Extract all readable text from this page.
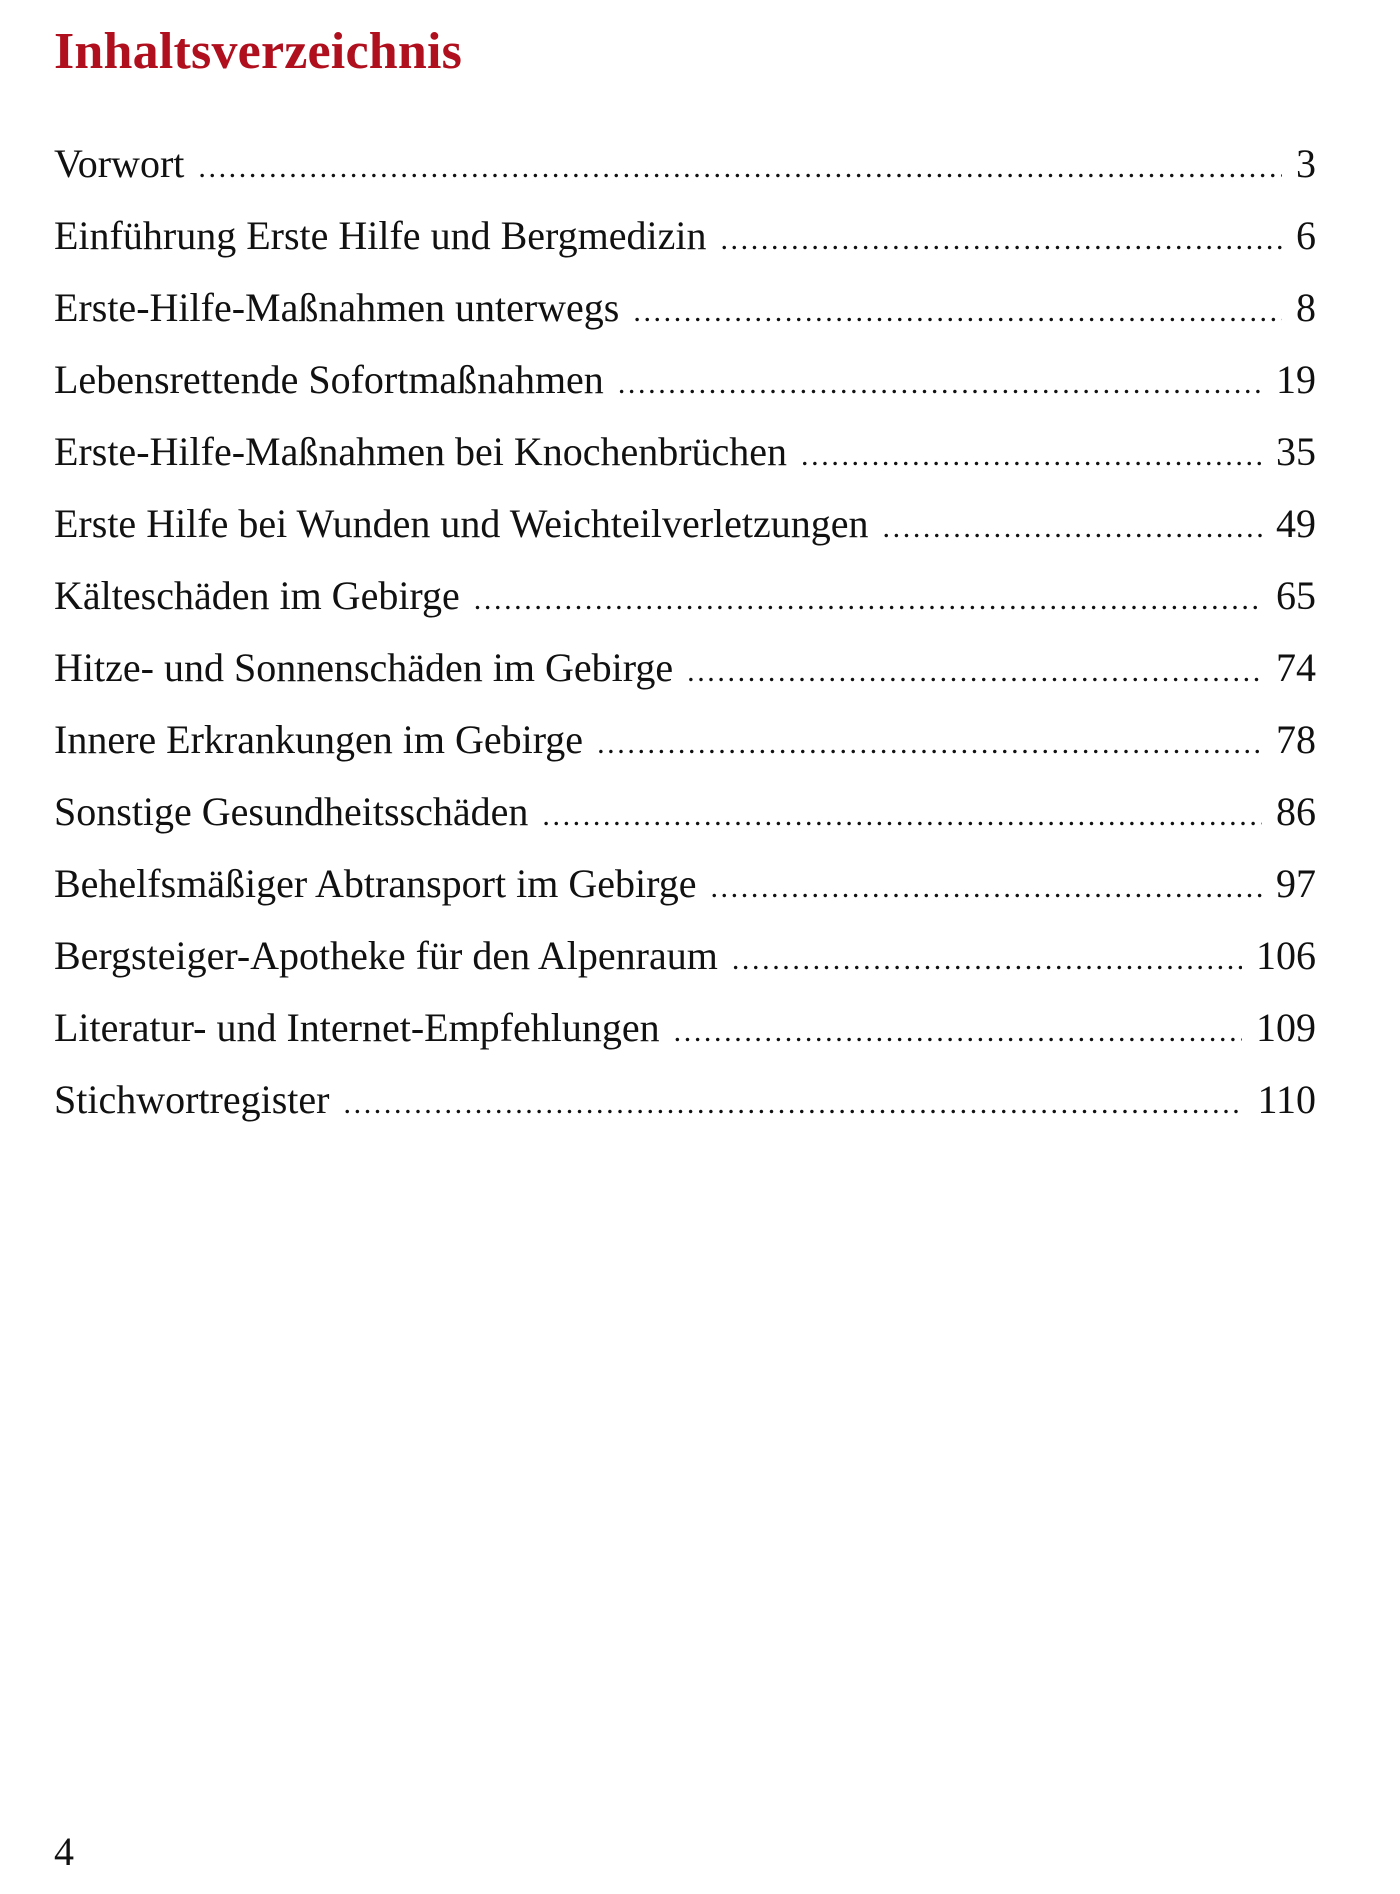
Inhaltsverzeichnis
Vorwort .....	3
Einführung Erste Hilfe und Bergmedizin .....	6
Erste-Hilfe-Maßnahmen unterwegs .....	8
Lebensrettende Sofortmaßnahmen .....	19
Erste-Hilfe-Maßnahmen bei Knochenbrüchen .....	35
Erste Hilfe bei Wunden und Weichteilverletzungen .....	49
Kälteschäden im Gebirge .....	65
Hitze- und Sonnenschäden im Gebirge .....	74
Innere Erkrankungen im Gebirge .....	78
Sonstige Gesundheitsschäden .....	86
Behelfsmäßiger Abtransport im Gebirge .....	97
Bergsteiger-Apotheke für den Alpenraum .....	106
Literatur- und Internet-Empfehlungen .....	109
Stichwortregister .....	110
4
